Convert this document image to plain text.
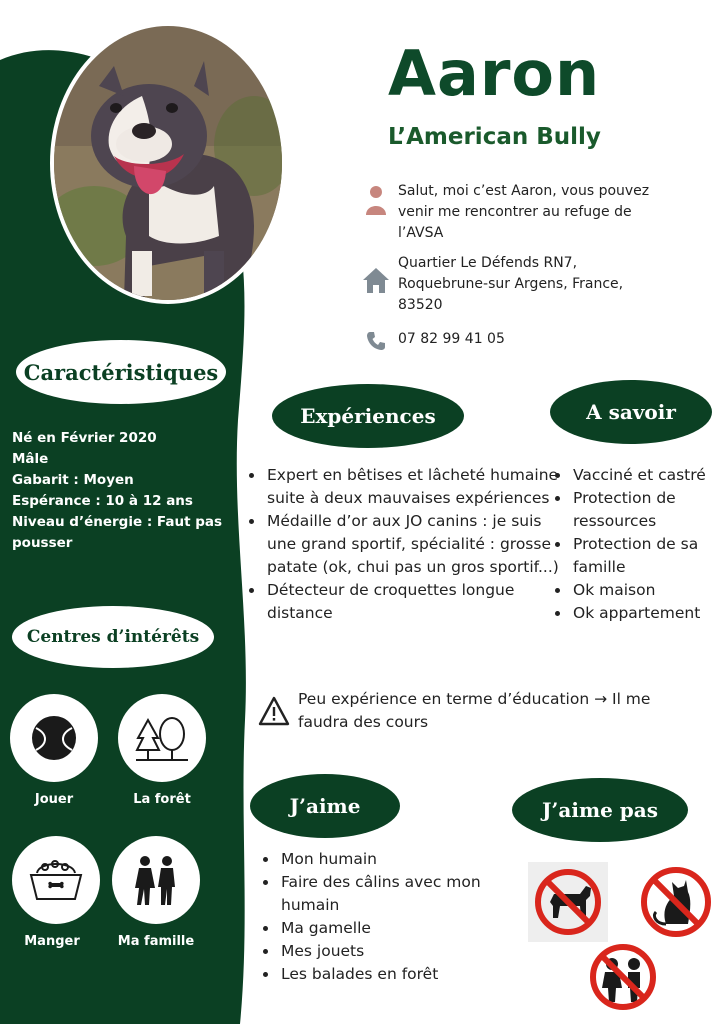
Aaron
L’American Bully
Salut, moi c’est Aaron, vous pouvez venir me rencontrer au refuge de l’AVSA
Quartier Le Défends RN7, Roquebrune-sur Argens, France, 83520
07 82 99 41 05
Caractéristiques
Né en Février 2020
Mâle
Gabarit : Moyen
Espérance : 10 à 12 ans
Niveau d’énergie : Faut pas pousser
Expériences
• Expert en bêtises et lâcheté humaine suite à deux mauvaises expériences
• Médaille d’or aux JO canins : je suis une grand sportif, spécialité : grosse patate (ok, chui pas un gros sportif...)
• Détecteur de croquettes longue distance
A savoir
• Vacciné et castré
• Protection de ressources
• Protection de sa famille
• Ok maison
• Ok appartement
Peu expérience en terme d’éducation → Il me faudra des cours
Centres d’intérêts
Jouer	La forêt
Manger	Ma famille
J’aime
• Mon humain
• Faire des câlins avec mon humain
• Ma gamelle
• Mes jouets
• Les balades en forêt
J’aime pas
